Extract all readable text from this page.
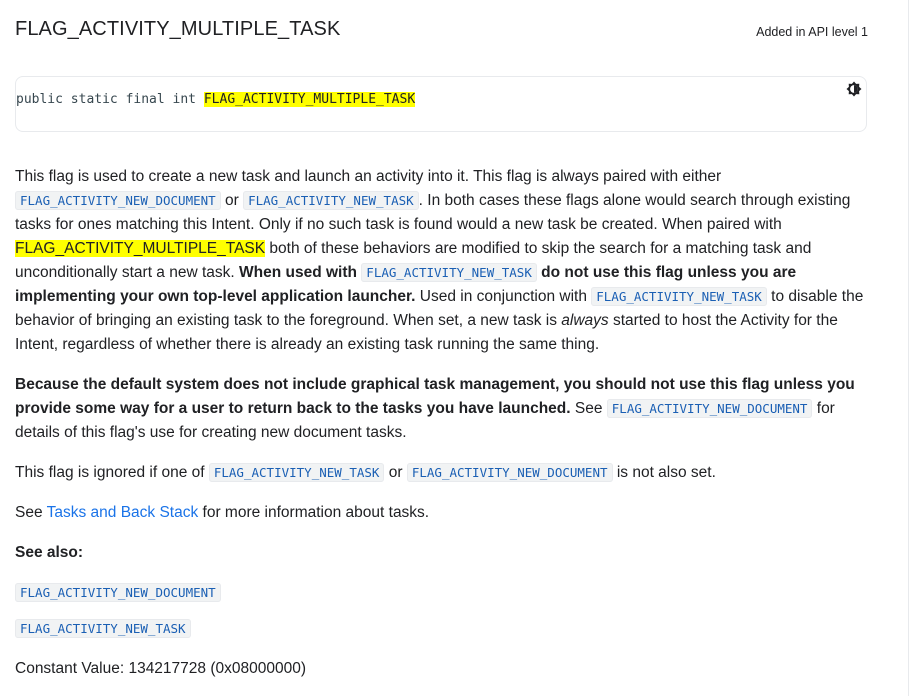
FLAG_ACTIVITY_MULTIPLE_TASK	Added in API level 1
public static final int FLAG_ACTIVITY_MULTIPLE_TASK

This flag is used to create a new task and launch an activity into it. This flag is always paired with either FLAG_ACTIVITY_NEW_DOCUMENT or FLAG_ACTIVITY_NEW_TASK . In both cases these flags alone would search through existing tasks for ones matching this Intent. Only if no such task is found would a new task be created. When paired with FLAG_ACTIVITY_MULTIPLE_TASK both of these behaviors are modified to skip the search for a matching task and unconditionally start a new task. When used with FLAG_ACTIVITY_NEW_TASK do not use this flag unless you are implementing your own top-level application launcher. Used in conjunction with FLAG_ACTIVITY_NEW_TASK to disable the behavior of bringing an existing task to the foreground. When set, a new task is always started to host the Activity for the Intent, regardless of whether there is already an existing task running the same thing.

Because the default system does not include graphical task management, you should not use this flag unless you provide some way for a user to return back to the tasks you have launched. See FLAG_ACTIVITY_NEW_DOCUMENT for details of this flag's use for creating new document tasks.

This flag is ignored if one of FLAG_ACTIVITY_NEW_TASK or FLAG_ACTIVITY_NEW_DOCUMENT is not also set.

See Tasks and Back Stack for more information about tasks.

See also:

FLAG_ACTIVITY_NEW_DOCUMENT
FLAG_ACTIVITY_NEW_TASK

Constant Value: 134217728 (0x08000000)
